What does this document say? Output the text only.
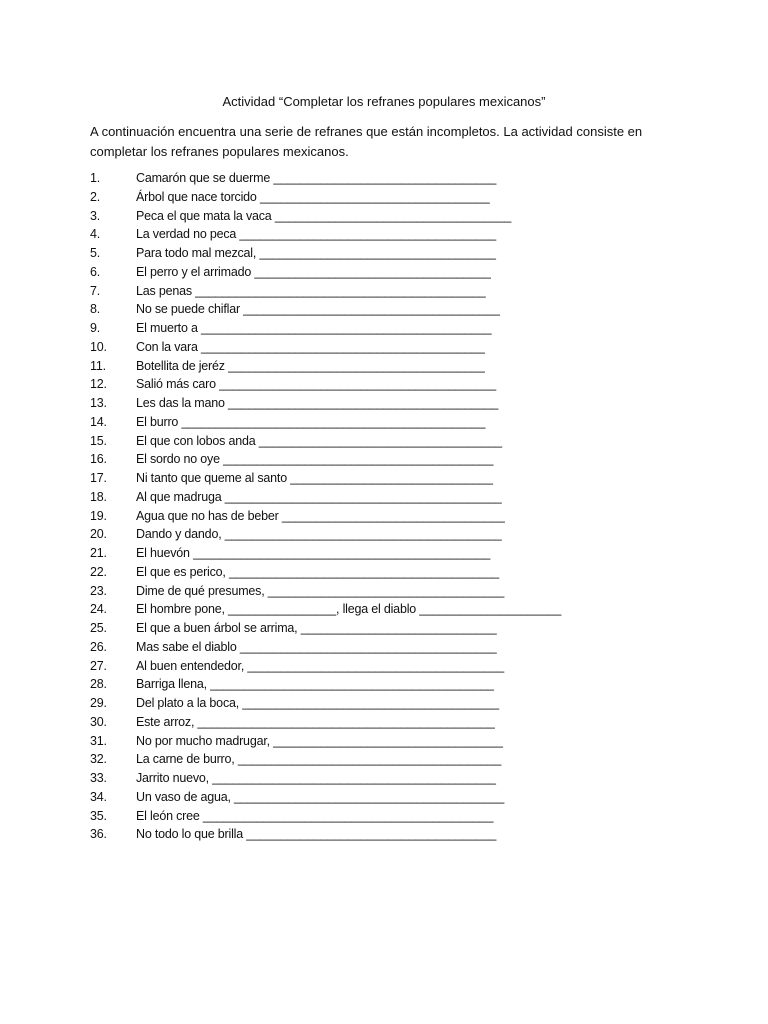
Actividad “Completar los refranes populares mexicanos”

A continuación encuentra una serie de refranes que están incompletos. La actividad consiste en completar los refranes populares mexicanos.

1.	Camarón que se duerme _________________________________
2.	Árbol que nace torcido __________________________________
3.	Peca el que mata la vaca ___________________________________
4.	La verdad no peca ______________________________________
5.	Para todo mal mezcal, ___________________________________
6.	El perro y el arrimado ___________________________________
7.	Las penas ___________________________________________
8.	No se puede chiflar ______________________________________
9.	El muerto a ___________________________________________
10. Con la vara __________________________________________
11. Botellita de jeréz ______________________________________
12. Salió más caro _________________________________________
13. Les das la mano ________________________________________
14. El burro _____________________________________________
15. El que con lobos anda ____________________________________
16. El sordo no oye ________________________________________
17. Ni tanto que queme al santo ______________________________
18. Al que madruga _________________________________________
19. Agua que no has de beber _________________________________
20. Dando y dando, _________________________________________
21. El huevón ____________________________________________
22. El que es perico, ________________________________________
23. Dime de qué presumes, ___________________________________
24. El hombre pone, ________________, llega el diablo _____________________
25. El que a buen árbol se arrima, _____________________________
26. Mas sabe el diablo ______________________________________
27. Al buen entendedor, ______________________________________
28. Barriga llena, __________________________________________
29. Del plato a la boca, ______________________________________
30. Este arroz, ____________________________________________
31. No por mucho madrugar, __________________________________
32. La carne de burro, _______________________________________
33. Jarrito nuevo, __________________________________________
34. Un vaso de agua, ________________________________________
35. El león cree ___________________________________________
36. No todo lo que brilla _____________________________________
